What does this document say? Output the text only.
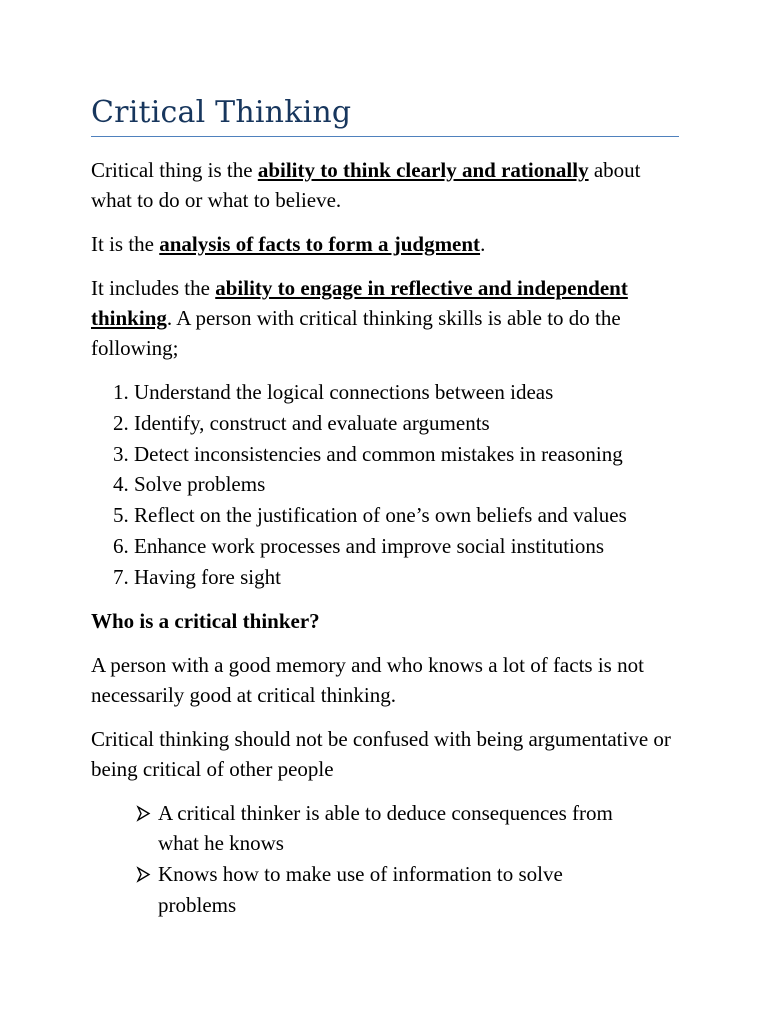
Critical Thinking

Critical thing is the ability to think clearly and rationally about what to do or what to believe.

It is the analysis of facts to form a judgment.

It includes the ability to engage in reflective and independent thinking. A person with critical thinking skills is able to do the following;

1. Understand the logical connections between ideas
2. Identify, construct and evaluate arguments
3. Detect inconsistencies and common mistakes in reasoning
4. Solve problems
5. Reflect on the justification of one’s own beliefs and values
6. Enhance work processes and improve social institutions
7. Having fore sight

Who is a critical thinker?

A person with a good memory and who knows a lot of facts is not necessarily good at critical thinking.

Critical thinking should not be confused with being argumentative or being critical of other people

A critical thinker is able to deduce consequences from what he knows
Knows how to make use of information to solve problems
